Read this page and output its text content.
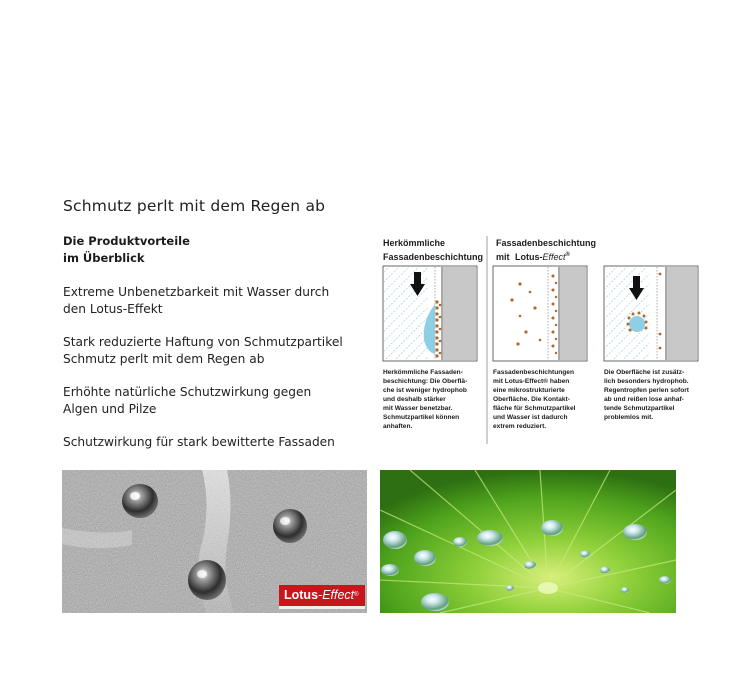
Schmutz perlt mit dem Regen ab
Die Produktvorteile
im Überblick
Extreme Unbenetzbarkeit mit Wasser durch
den Lotus-Effekt
Stark reduzierte Haftung von Schmutzpartikel
Schmutz perlt mit dem Regen ab
Erhöhte natürliche Schutzwirkung gegen
Algen und Pilze
Schutzwirkung für stark bewitterte Fassaden
Herkömmliche Fassadenbeschichtung
Fassadenbeschichtung mit Lotus-Effect®
Herkömmliche Fassaden- beschichtung: Die Oberflä- che ist weniger hydrophob und deshalb stärker mit Wasser benetzbar. Schmutzpartikel können anhaften.
Fassadenbeschichtungen mit Lotus-Effect® haben eine mikrostrukturierte Oberfläche. Die Kontakt- fläche für Schmutzpartikel und Wasser ist dadurch extrem reduziert.
Die Oberfläche ist zusätz- lich besonders hydrophob. Regentropfen perlen sofort ab und reißen lose anhaf- tende Schmutzpartikel problemlos mit.
Lotus-Effect®
